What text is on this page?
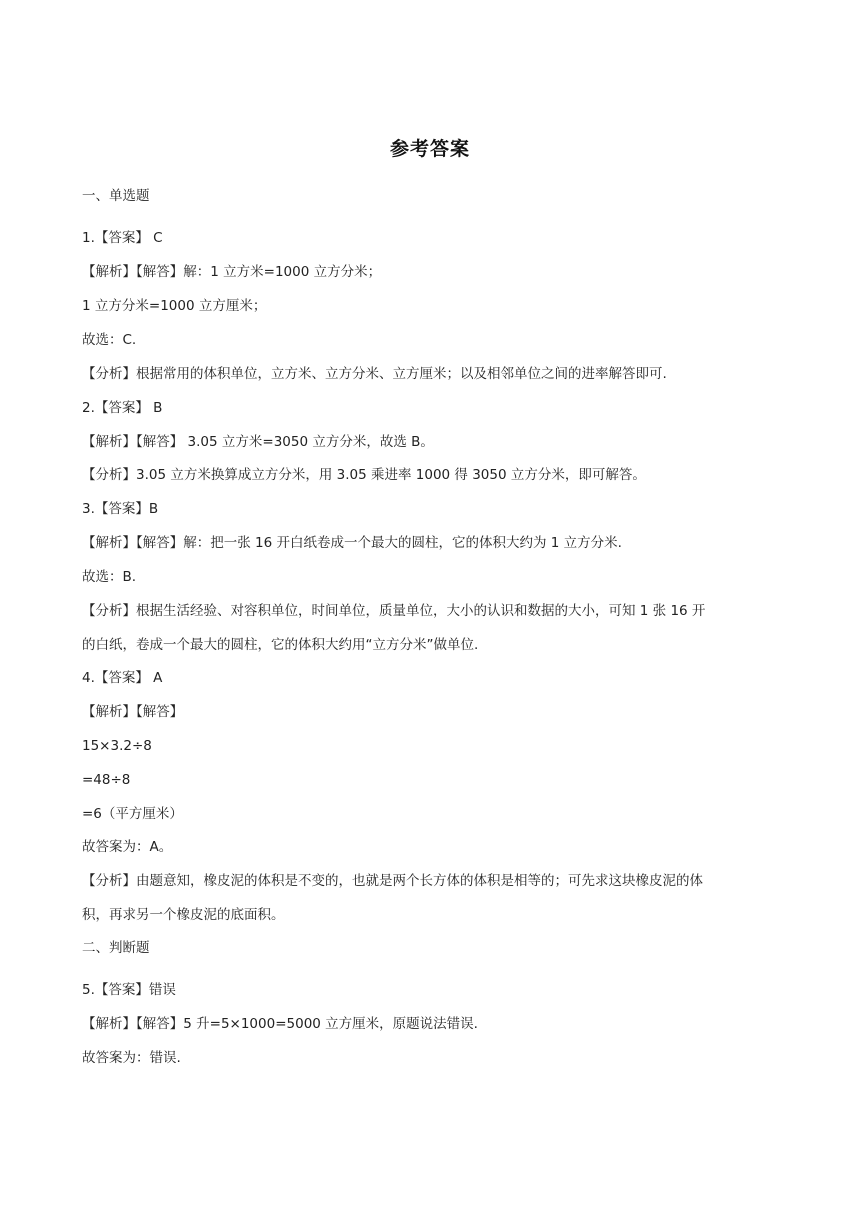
参考答案
一、单选题
1.【答案】 C
【解析】【解答】解：1 立方米=1000 立方分米；
1 立方分米=1000 立方厘米；
故选：C.
【分析】根据常用的体积单位，立方米、立方分米、立方厘米；以及相邻单位之间的进率解答即可.
2.【答案】 B
【解析】【解答】 3.05 立方米=3050 立方分米，故选 B。
【分析】3.05 立方米换算成立方分米，用 3.05 乘进率 1000 得 3050 立方分米，即可解答。
3.【答案】B
【解析】【解答】解：把一张 16 开白纸卷成一个最大的圆柱，它的体积大约为 1 立方分米.
故选：B.
【分析】根据生活经验、对容积单位，时间单位，质量单位，大小的认识和数据的大小，可知 1 张 16 开
的白纸，卷成一个最大的圆柱，它的体积大约用“立方分米”做单位.
4.【答案】 A
【解析】【解答】
15×3.2÷8
=48÷8
=6（平方厘米）
故答案为：A。
【分析】由题意知，橡皮泥的体积是不变的，也就是两个长方体的体积是相等的；可先求这块橡皮泥的体
积，再求另一个橡皮泥的底面积。
二、判断题
5.【答案】错误
【解析】【解答】5 升=5×1000=5000 立方厘米，原题说法错误.
故答案为：错误.
